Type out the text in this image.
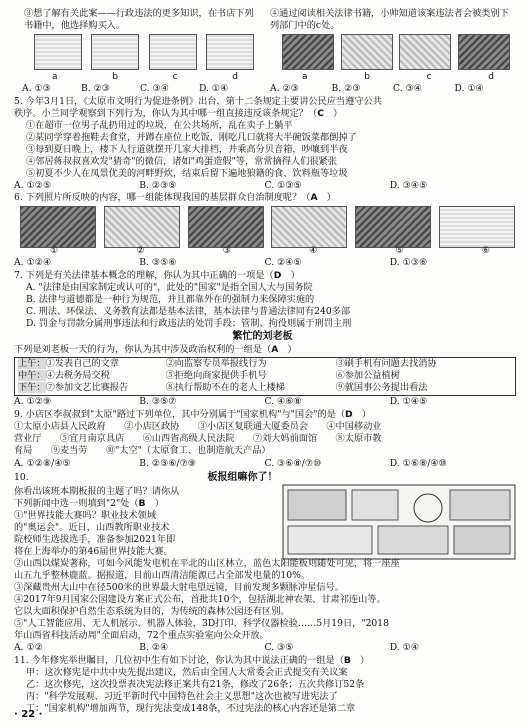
③想了解有关此案——行政违法的更多知识，在书店下列书籍中，他选择购买入。
④通过阅读相关法律书籍，小帅知道该案违法者会被类别下列部门中的c处。
a	b	c	d	a	b	c	d
A. ①③	B. ②③	C. ③④	D. ①④	A. ②③	B. ②③	C. ③④	D. ①④
5. 今年3月1日，《太原市文明行为促进条例》出台，第十二条规定主要讲公民应当遵守公共
秩序。小兰同学观察到下列行为，你认为其中哪一组直接违反该条规定？（C　）
①在超市一位男子乱扔用过的垃圾，在公共场所，乱在卖子上躺平
②某同学穿着拖鞋去食堂，并蹲在座位上吃饭，刚吃几口就将大半碗饭菜都倒掉了
③每到夏日晚上，楼下人行道就摆开几家大排档，并乘高分贝音箱，吵嚷到半夜
④邻居蒋叔叔喜欢发"猜奇"的微信，诸如"鸡蛋造假"等，常常摘得人们很紧张
⑤初夏不少人在凤景优美的河畔野炊，结束后留下遍地狼籍的食、饮料瓶等垃圾
A. ①②⑤	B. ②③⑤	C. ①③⑤	D. ③④⑤
6. 下列照片所反映的内容，哪一组能体现我国的基层群众自治制度呢？（A　）
①	②	③	④	⑤	⑥
A. ①②④	B. ③⑤⑥	C. ②④⑤	D. ①③⑥
7. 下列是有关法律基本概念的理解，你认为其中正确的一项是（D　）
A. "法律是由国家制定或认可的"，此处的"国家"是指全国人大与国务院
B. 法律与道德都是一种行为规范，并且都靠外在的强制力来保障实施的
C. 刑法、环保法、义务教育法都是基本法律，基本法律与普通法律同有240多部
D. 罚金与罚款分属刑事违法和行政违法的处罚手段；管制、拘役则属于刑罚主刑
繁忙的刘老板
下列是刘老板一天的行为，你认为其中涉及政治权利的一组是（A　）
上午：①发表自己的文章	②向监察专员举报线行为	③刷手机有问题去找消协
中午：④去税务局交税	⑤拒绝向商家提供手机号	⑥参加公益植树
下午：⑦参加文艺比赛报告	⑧执行帮助不在的老人上楼梯	⑨就国事公务提出看法
A. ①②⑨	B. ③⑤⑦	C. ④⑥⑧	D. ①④⑤
9. 小店区李叔叔到"太原"路过下列单位，其中分别属于"国家机构"与"国会"的是（D　）
①太原小店县人民政府　　②小店区政协　　③小店区复联通大厦委员会　　④中国移动业
营业厅　　⑤宜月南京具店　　⑥山西省高级人民法院　　⑦刘大妈前面馆　　⑧太原市教
育局　　⑨麦当劳　　⑩"太空"（太原食工、也制造航天产品）
A. ①②⑧/④⑤	B. ②③⑥/⑦⑨	C. ③⑥⑧/⑦⑩	D. ①⑥⑧/④⑩
10.	板报组嘛你了！
你看出该班本期板报的主题了吗？请你从
下列新闻中选一则填到"2"处（B　）
①"世界技能大赛吗？职业技术领域
的"奥运会"。近日，山西教所职业技术
院校师生选拔选手，准备参加2021年即
将在上海举办的第46届世界技能大赛。
②山西以煤炭著称，可如今风能发电机在平北的山区林立，蓝色太阳能板则随处可见，将一座座
山五九乎整林鹿蓝。据报道，目前山西清洁能源已占全部发电量的10%。
③深藏贵州大山中在径500米的世界最大射电望远镜，目前发现多颗脉冲星信号。
④2017年9月国家公园建设方案正式公布，首批共10个，包括湖北神农架、甘肃祁连山等。
它以大面积保护自然生态系统为目的，为传统的森林公园还有区别。
⑤"人工智能应用、无人机展示、机器人体验，3D打印、科学仪器检验……5月19日，"2018
年山西省科技活动周"全面启动，72个重点实验室向公众开放。
A. ①②	B. ②④	C. ③⑤	D. ①④
11. 今年修宪举世瞩目，几位初中生有如下讨论，你认为其中说法正确的一组是（B　）
甲：这次修宪是中共中央先提出建议，然后由全国人大常委会正式提交有关议案
乙：这次修宪，这次投票表决宪法修正案共有21条，修改了26条；五次共修订52条
丙："科学发展观、习近平新时代中国特色社会主义思想"这次也被写进宪法了
丁："国家机构"增加两节，现行宪法变成148条，不过宪法的核心内容还是第二章
· 22 ·
